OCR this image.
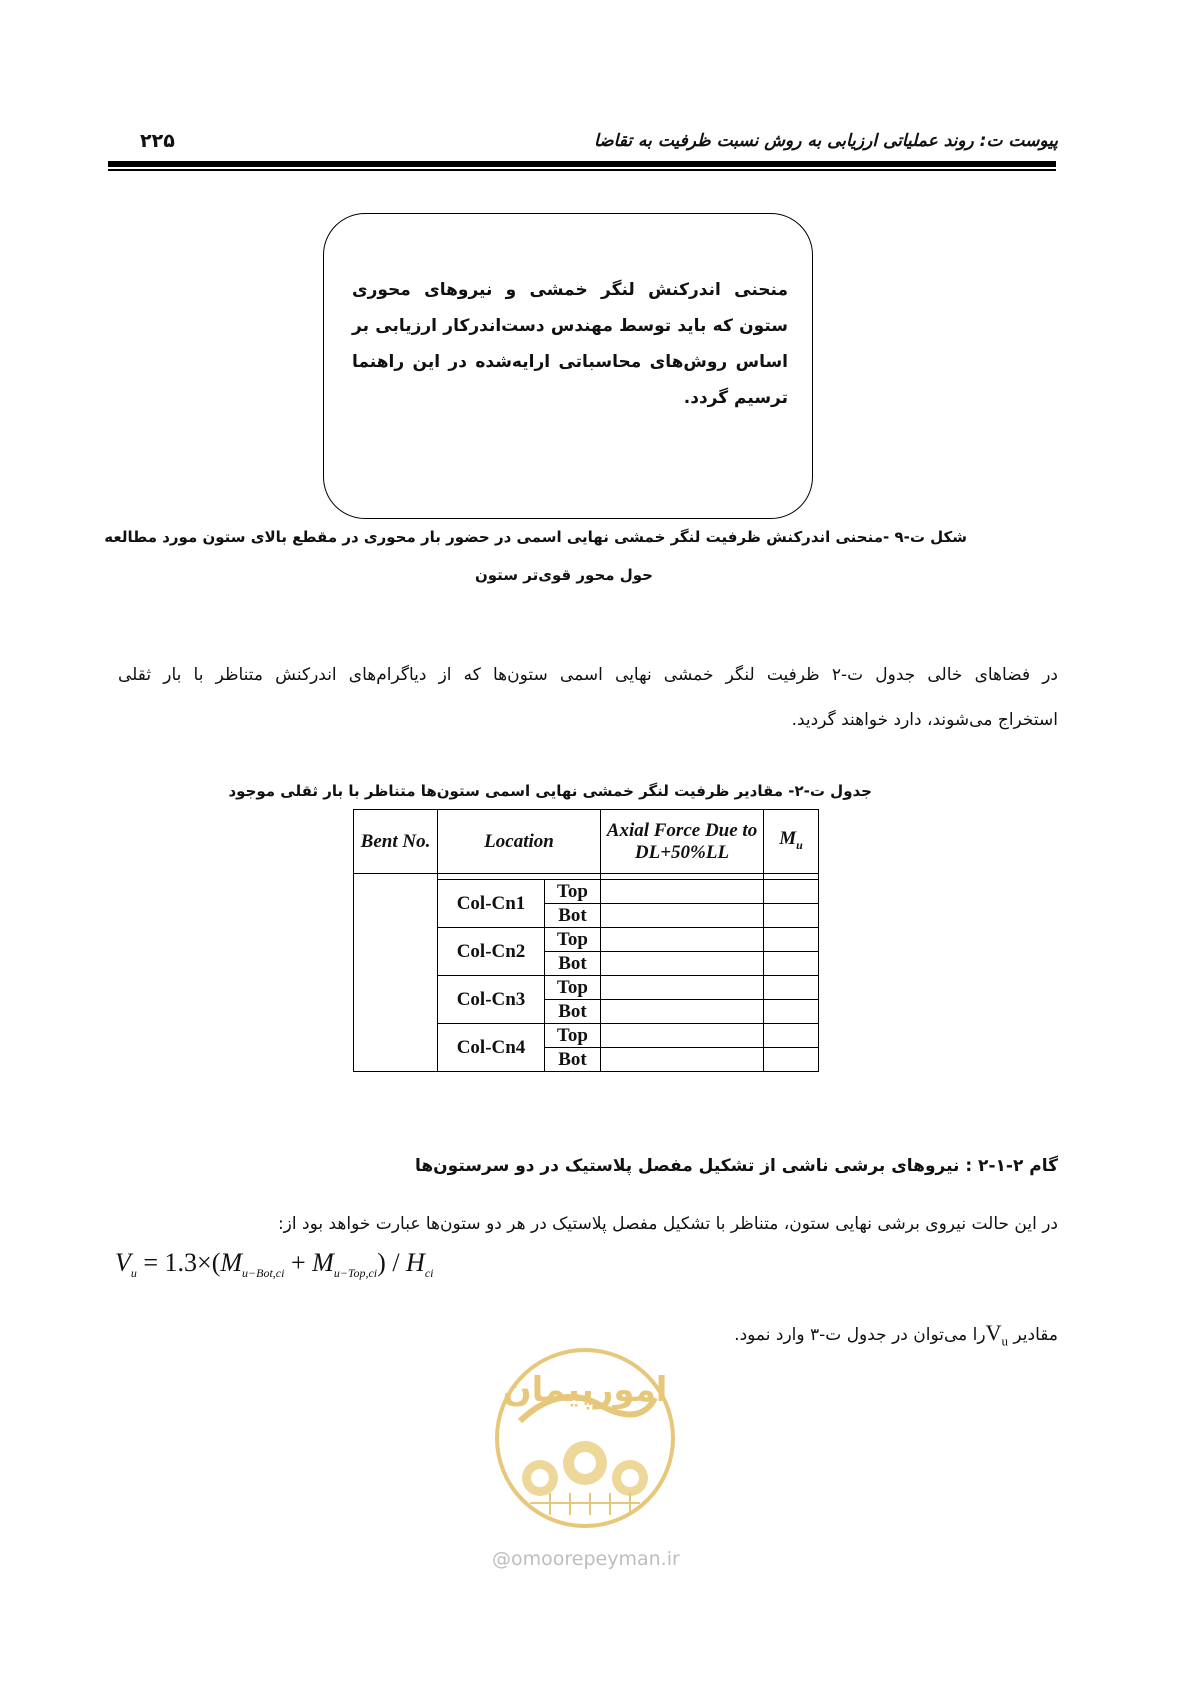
پیوست ت: روند عملیاتی ارزیابی به روش نسبت ظرفیت به تقاضا
۲۲۵
منحنی اندرکنش لنگر خمشی و نیروهای محوری ستون که باید توسط مهندس دست‌اندرکار ارزیابی بر اساس روش‌های محاسباتی ارایه‌شده در این راهنما ترسیم گردد.
شکل ت-۹ -منحنی اندرکنش ظرفیت لنگر خمشی نهایی اسمی در حضور بار محوری در مقطع بالای ستون مورد مطالعه
حول محور قوی‌تر ستون
در فضاهای خالی جدول ت-۲ ظرفیت لنگر خمشی نهایی اسمی ستون‌ها که از دیاگرام‌های اندرکنش متناظر با بار ثقلی
استخراج می‌شوند، دارد خواهند گردید.
جدول ت-۲- مقادیر ظرفیت لنگر خمشی نهایی اسمی ستون‌ها متناظر با بار ثقلی موجود
Bent No.	Location		Axial Force Due to DL+50%LL	$M_u$

	Col-Cn1	Top		
		Bot		
	Col-Cn2	Top		
		Bot		
	Col-Cn3	Top		
		Bot		
	Col-Cn4	Top		
		Bot		
گام ۲-۱-۲ : نیروهای برشی ناشی از تشکیل مفصل پلاستیک در دو سرستون‌ها
در این حالت نیروی برشی نهایی ستون، متناظر با تشکیل مفصل پلاستیک در هر دو ستون‌ها عبارت خواهد بود از:
$V_u = 1.3\times(M_{u-Bot,ci} + M_{u-Top,ci}) / H_{ci}$
مقادیر $V_uرا$ می‌توان در جدول ت-۳ وارد نمود.
امورپیمان
@omoorepeyman.ir
